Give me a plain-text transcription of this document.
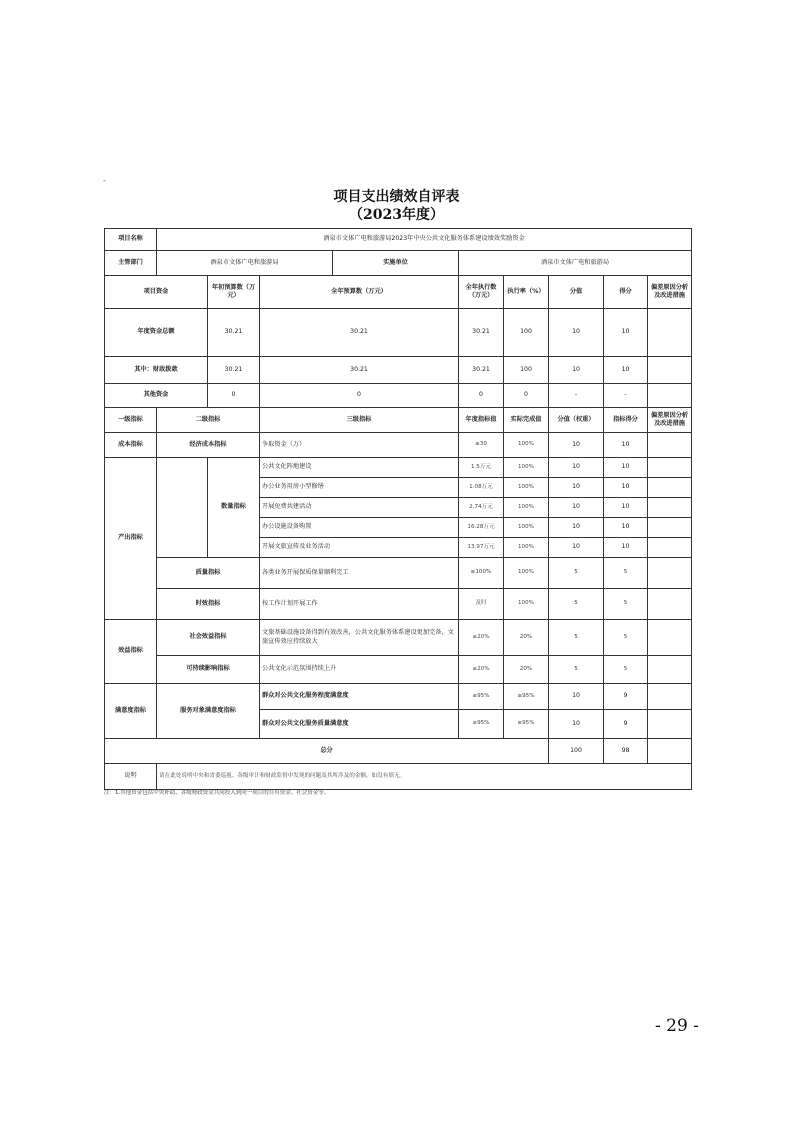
-
项目支出绩效自评表
（2023年度）
项目名称	酒泉市文体广电和旅游局2023年中央公共文化服务体系建设绩效奖励资金								
主管部门	酒泉市文体广电和旅游局			实施单位	酒泉市文体广电和旅游局				
项目资金		年初预算数（万元）	全年预算数（万元）		全年执行数（万元）	执行率（%）	分值	得分	偏差原因分析及改进措施
年度资金总额		30.21	30.21		30.21	100	10	10	
其中：财政拨款		30.21	30.21		30.21	100	10	10	
其他资金		0	0		0	0	-	-	
一级指标	二级指标		三级指标		年度指标值	实际完成值	分值（权重）	指标得分	偏差原因分析及改进措施
成本指标	经济成本指标		争取资金（万）		≥30	100%	10	10	
产出指标		数量指标	公共文化阵地建设		1.5万元	100%	10	10	
			办公业务用房小型修缮		1.08万元	100%	10	10	
			开展免费共建活动		2.74万元	100%	10	10	
			办公设施设备购置		16.28万元	100%	10	10	
			开展文旅宣传及业务活动		13.97万元	100%	10	10	
	质量指标		各类业务开展保质保量顺利完工		≥100%	100%	5	5	
	时效指标		按工作计划开展工作		及时	100%	5	5	
效益指标	社会效益指标		文旅基础设施设备得到有效改善，公共文化服务体系建设更加完备，文旅宣传效应持续放大		≥20%	20%	5	5	
	可持续影响指标		公共文化示范氛围持续上升		≥20%	20%	5	5	
满意度指标	服务对象满意度指标		群众对公共文化服务程度满意度		≥95%	≥95%	10	9	
			群众对公共文化服务质量满意度		≥95%	≥95%	10	9	
总分							100	98	
说明	请在此处说明中央和省委巡视、各级审计和财政监督中发现的问题及其所涉及的金额，如没有填无。								
注：1.其他资金包括中央补助、各级财政资金共同投入到同一项目的自有资金、社会资金等。
- 29 -
